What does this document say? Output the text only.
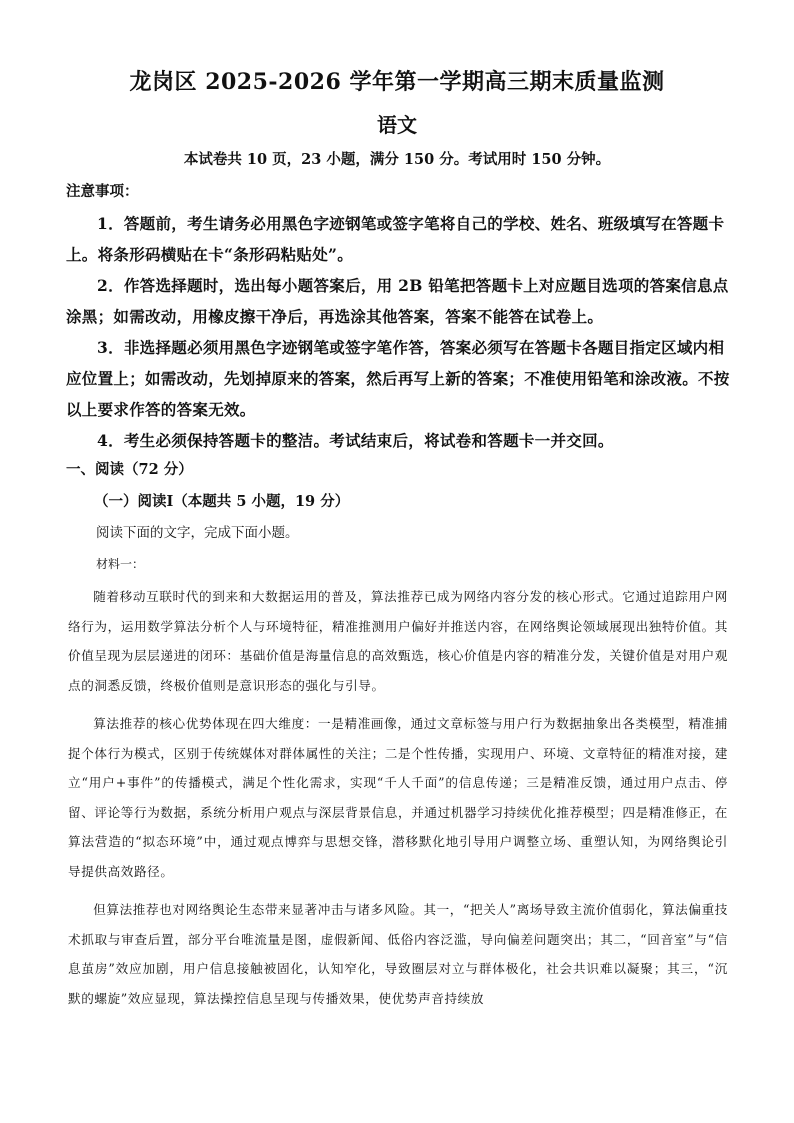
龙岗区 2025-2026 学年第一学期高三期末质量监测
语文
本试卷共 10 页，23 小题，满分 150 分。考试用时 150 分钟。
注意事项：

1．答题前，考生请务必用黑色字迹钢笔或签字笔将自己的学校、姓名、班级填写在答题卡上。将条形码横贴在卡“条形码粘贴处”。

2．作答选择题时，选出每小题答案后，用 2B 铅笔把答题卡上对应题目选项的答案信息点涂黑；如需改动，用橡皮擦干净后，再选涂其他答案，答案不能答在试卷上。

3．非选择题必须用黑色字迹钢笔或签字笔作答，答案必须写在答题卡各题目指定区域内相应位置上；如需改动，先划掉原来的答案，然后再写上新的答案；不准使用铅笔和涂改液。不按以上要求作答的答案无效。

4．考生必须保持答题卡的整洁。考试结束后，将试卷和答题卡一并交回。

一、阅读（72 分）
（一）阅读Ⅰ（本题共 5 小题，19 分）
阅读下面的文字，完成下面小题。
材料一：

随着移动互联时代的到来和大数据运用的普及，算法推荐已成为网络内容分发的核心形式。它通过追踪用户网络行为，运用数学算法分析个人与环境特征，精准推测用户偏好并推送内容，在网络舆论领域展现出独特价值。其价值呈现为层层递进的闭环：基础价值是海量信息的高效甄选，核心价值是内容的精准分发，关键价值是对用户观点的洞悉反馈，终极价值则是意识形态的强化与引导。

算法推荐的核心优势体现在四大维度：一是精准画像，通过文章标签与用户行为数据抽象出各类模型，精准捕捉个体行为模式，区别于传统媒体对群体属性的关注；二是个性传播，实现用户、环境、文章特征的精准对接，建立“用户+事件”的传播模式，满足个性化需求，实现“千人千面”的信息传递；三是精准反馈，通过用户点击、停留、评论等行为数据，系统分析用户观点与深层背景信息，并通过机器学习持续优化推荐模型；四是精准修正，在算法营造的“拟态环境”中，通过观点博弈与思想交锋，潜移默化地引导用户调整立场、重塑认知，为网络舆论引导提供高效路径。

但算法推荐也对网络舆论生态带来显著冲击与诸多风险。其一，“把关人”离场导致主流价值弱化，算法偏重技术抓取与审查后置，部分平台唯流量是图，虚假新闻、低俗内容泛滥，导向偏差问题突出；其二，“回音室”与“信息茧房”效应加剧，用户信息接触被固化，认知窄化，导致圈层对立与群体极化，社会共识难以凝聚；其三，“沉默的螺旋”效应显现，算法操控信息呈现与传播效果，使优势声音持续放
